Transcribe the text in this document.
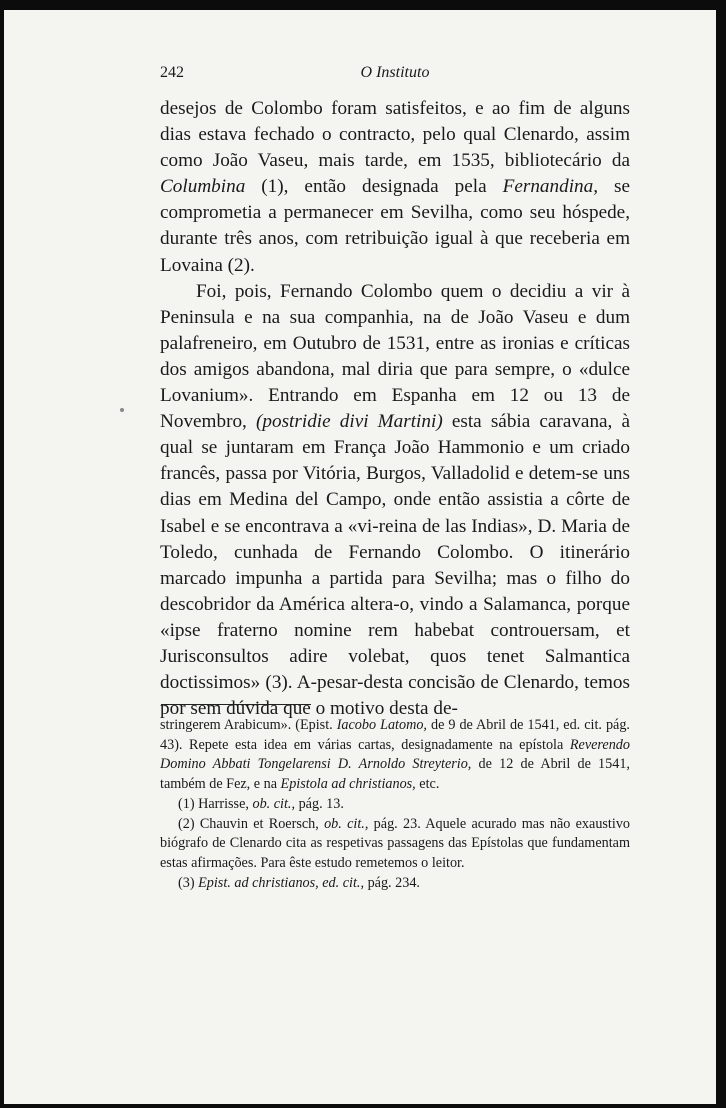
242	O Instituto

desejos de Colombo foram satisfeitos, e ao fim de alguns dias estava fechado o contracto, pelo qual Clenardo, assim como João Vaseu, mais tarde, em 1535, bibliotecário da Columbina (1), então designada pela Fernandina, se comprometia a permanecer em Sevilha, como seu hóspede, durante três anos, com retribuição igual à que receberia em Lovaina (2).

Foi, pois, Fernando Colombo quem o decidiu a vir à Peninsula e na sua companhia, na de João Vaseu e dum palafreneiro, em Outubro de 1531, entre as ironias e críticas dos amigos abandona, mal diria que para sempre, o «dulce Lovanium». Entrando em Espanha em 12 ou 13 de Novembro, (postridie divi Martini) esta sábia caravana, à qual se juntaram em França João Hammonio e um criado francês, passa por Vitória, Burgos, Valladolid e detem-se uns dias em Medina del Campo, onde então assistia a côrte de Isabel e se encontrava a «vi-reina de las Indias», D. Maria de Toledo, cunhada de Fernando Colombo. O itinerário marcado impunha a partida para Sevilha; mas o filho do descobridor da América altera-o, vindo a Salamanca, porque «ipse fraterno nomine rem habebat controuersam, et Jurisconsultos adire volebat, quos tenet Salmantica doctissimos» (3). A-pesar-desta concisão de Clenardo, temos por sem dúvida que o motivo desta de-

stringerem Arabicum». (Epist. Iacobo Latomo, de 9 de Abril de 1541, ed. cit. pág. 43). Repete esta idea em várias cartas, designadamente na epístola Reverendo Domino Abbati Tongelarensi D. Arnoldo Streyterio, de 12 de Abril de 1541, também de Fez, e na Epistola ad christianos, etc.

(1) Harrisse, ob. cit., pág. 13.

(2) Chauvin et Roersch, ob. cit., pág. 23. Aquele acurado mas não exaustivo biógrafo de Clenardo cita as respetivas passagens das Epístolas que fundamentam estas afirmações. Para êste estudo remetemos o leitor.

(3) Epist. ad christianos, ed. cit., pág. 234.
